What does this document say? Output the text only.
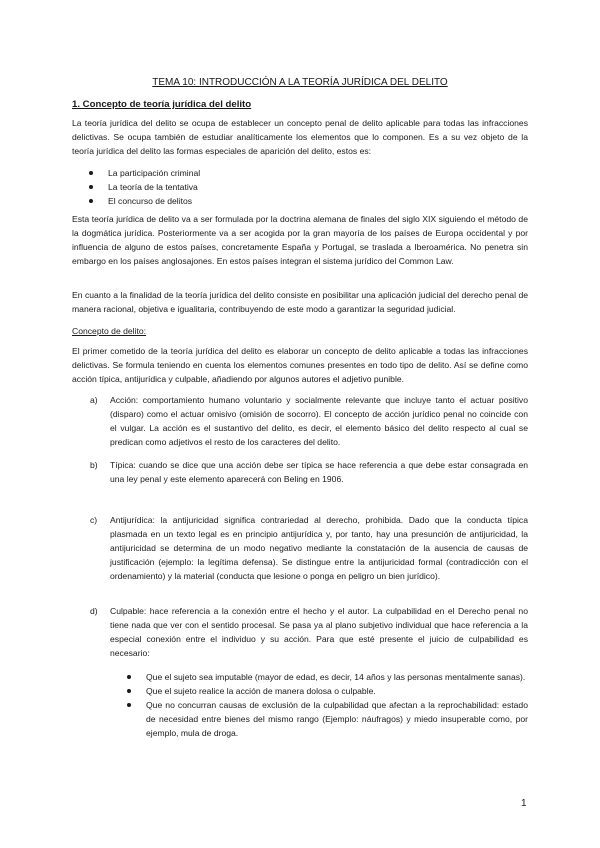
TEMA 10: INTRODUCCIÓN A LA TEORÍA JURÍDICA DEL DELITO
1. Concepto de teoría jurídica del delito

La teoría jurídica del delito se ocupa de establecer un concepto penal de delito aplicable para todas las infracciones delictivas. Se ocupa también de estudiar analíticamente los elementos que lo componen. Es a su vez objeto de la teoría jurídica del delito las formas especiales de aparición del delito, estos es:

La participación criminal
La teoría de la tentativa
El concurso de delitos

Esta teoría jurídica de delito va a ser formulada por la doctrina alemana de finales del siglo XIX siguiendo el método de la dogmática jurídica. Posteriormente va a ser acogida por la gran mayoría de los países de Europa occidental y por influencia de alguno de estos países, concretamente España y Portugal, se traslada a Iberoamérica. No penetra sin embargo en los países anglosajones. En estos países integran el sistema jurídico del Common Law.

En cuanto a la finalidad de la teoría jurídica del delito consiste en posibilitar una aplicación judicial del derecho penal de manera racional, objetiva e igualitaria, contribuyendo de este modo a garantizar la seguridad judicial.

Concepto de delito:

El primer cometido de la teoría jurídica del delito es elaborar un concepto de delito aplicable a todas las infracciones delictivas. Se formula teniendo en cuenta los elementos comunes presentes en todo tipo de delito. Así se define como acción típica, antijurídica y culpable, añadiendo por algunos autores el adjetivo punible.

a) Acción: comportamiento humano voluntario y socialmente relevante que incluye tanto el actuar positivo (disparo) como el actuar omisivo (omisión de socorro). El concepto de acción jurídico penal no coincide con el vulgar. La acción es el sustantivo del delito, es decir, el elemento básico del delito respecto al cual se predican como adjetivos el resto de los caracteres del delito.

b) Típica: cuando se dice que una acción debe ser típica se hace referencia a que debe estar consagrada en una ley penal y este elemento aparecerá con Beling en 1906.

c) Antijurídica: la antijuricidad significa contrariedad al derecho, prohibida. Dado que la conducta típica plasmada en un texto legal es en principio antijurídica y, por tanto, hay una presunción de antijuricidad, la antijuricidad se determina de un modo negativo mediante la constatación de la ausencia de causas de justificación (ejemplo: la legítima defensa). Se distingue entre la antijuricidad formal (contradicción con el ordenamiento) y la material (conducta que lesione o ponga en peligro un bien jurídico).

d) Culpable: hace referencia a la conexión entre el hecho y el autor. La culpabilidad en el Derecho penal no tiene nada que ver con el sentido procesal. Se pasa ya al plano subjetivo individual que hace referencia a la especial conexión entre el individuo y su acción. Para que esté presente el juicio de culpabilidad es necesario:

Que el sujeto sea imputable (mayor de edad, es decir, 14 años y las personas mentalmente sanas).
Que el sujeto realice la acción de manera dolosa o culpable.
Que no concurran causas de exclusión de la culpabilidad que afectan a la reprochabilidad: estado de necesidad entre bienes del mismo rango (Ejemplo: náufragos) y miedo insuperable como, por ejemplo, mula de droga.
1
